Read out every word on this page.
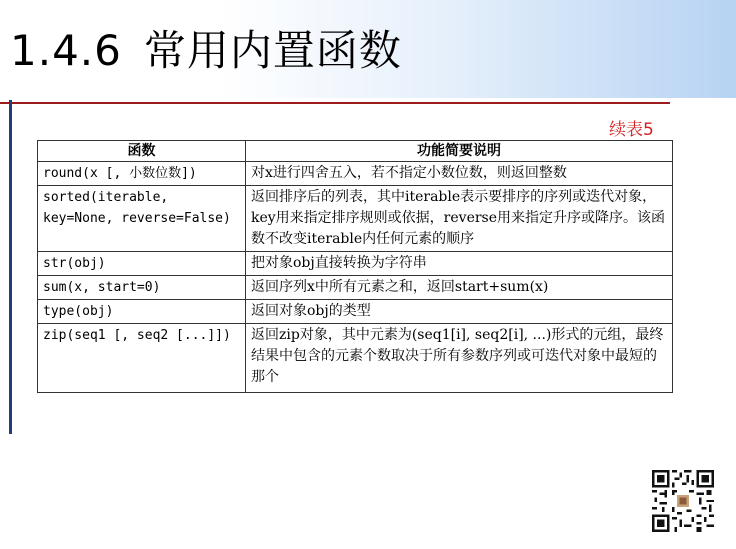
1.4.6 常用内置函数
续表5
函数	功能简要说明
round(x [, 小数位数])	对x进行四舍五入，若不指定小数位数，则返回整数
sorted(iterable,
key=None, reverse=False)	返回排序后的列表，其中iterable表示要排序的序列或迭代对象，key用来指定排序规则或依据，reverse用来指定升序或降序。该函数不改变iterable内任何元素的顺序
str(obj)	把对象obj直接转换为字符串
sum(x, start=0)	返回序列x中所有元素之和，返回start+sum(x)
type(obj)	返回对象obj的类型
zip(seq1 [, seq2 [...]])	返回zip对象，其中元素为(seq1[i], seq2[i], ...)形式的元组，最终结果中包含的元素个数取决于所有参数序列或可迭代对象中最短的那个
